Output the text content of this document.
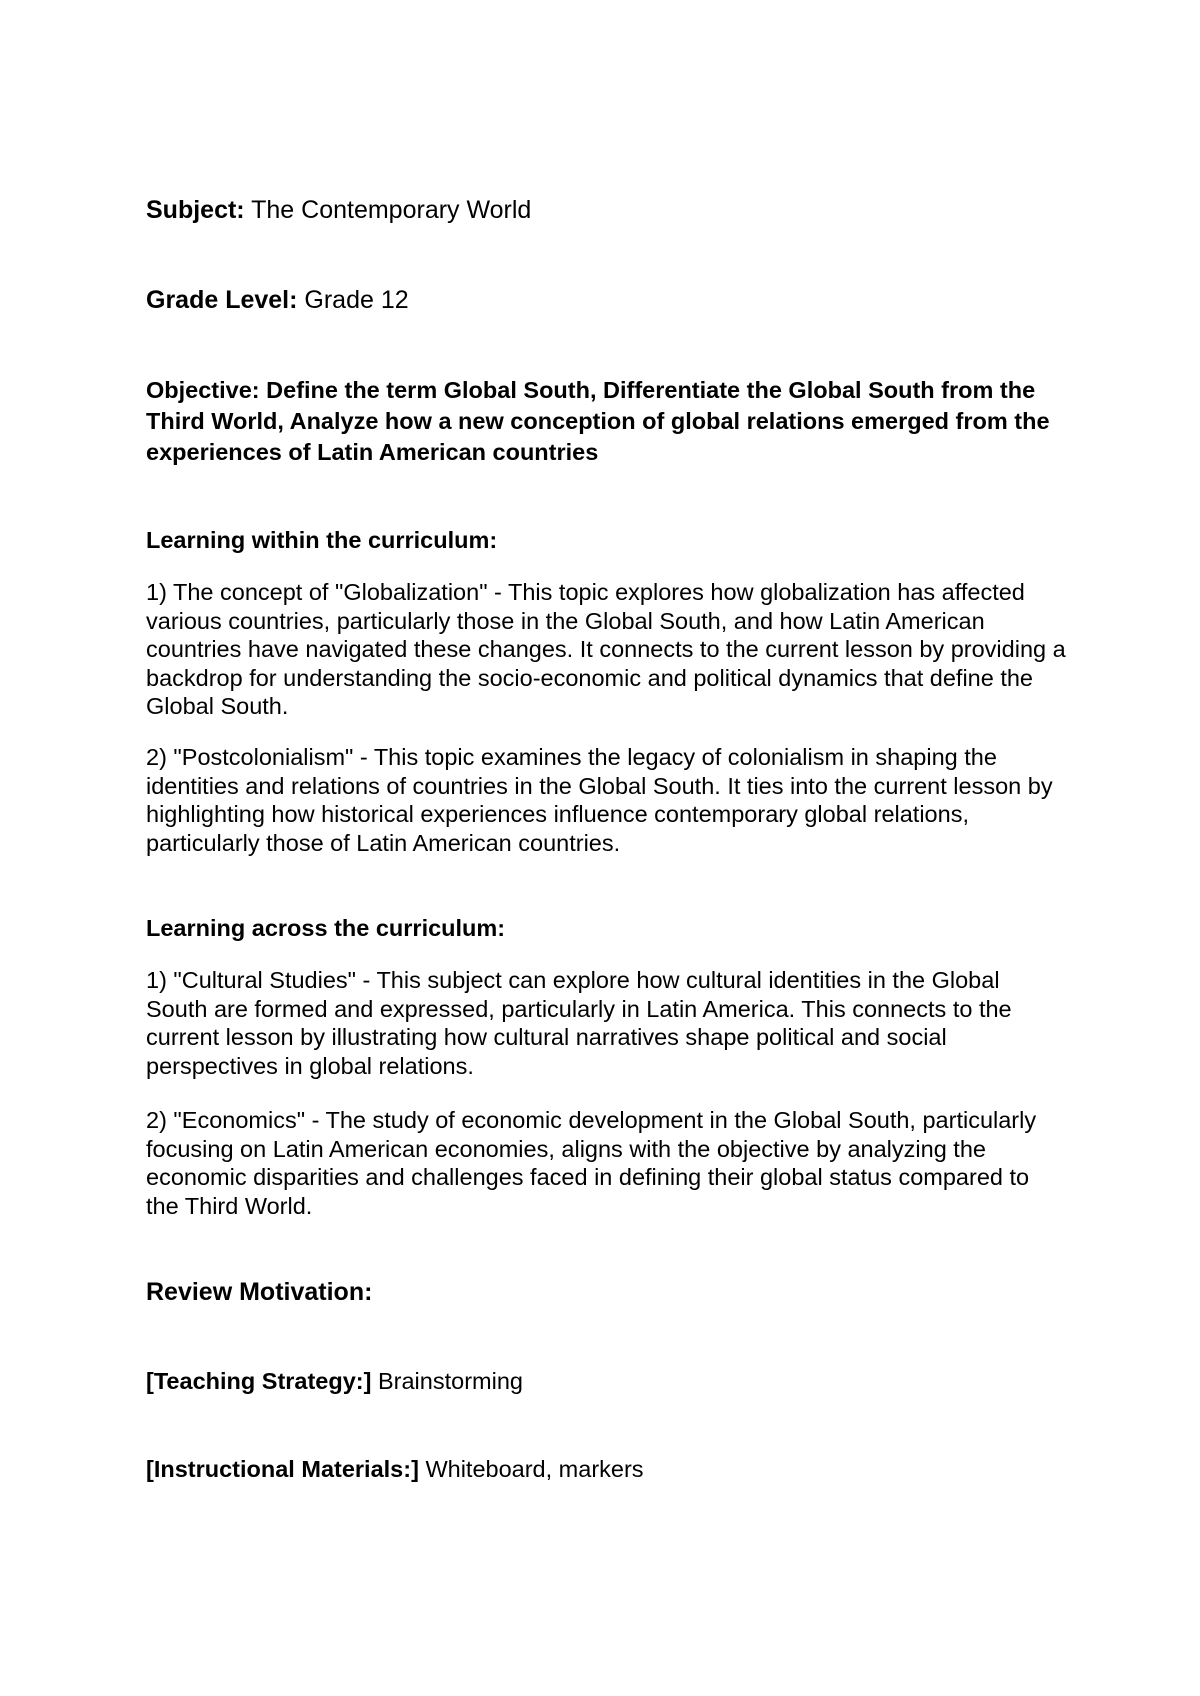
Subject: The Contemporary World

Grade Level: Grade 12

Objective: Define the term Global South, Differentiate the Global South from the Third World, Analyze how a new conception of global relations emerged from the experiences of Latin American countries

Learning within the curriculum:

1) The concept of "Globalization" - This topic explores how globalization has affected various countries, particularly those in the Global South, and how Latin American countries have navigated these changes. It connects to the current lesson by providing a backdrop for understanding the socio-economic and political dynamics that define the Global South.

2) "Postcolonialism" - This topic examines the legacy of colonialism in shaping the identities and relations of countries in the Global South. It ties into the current lesson by highlighting how historical experiences influence contemporary global relations, particularly those of Latin American countries.

Learning across the curriculum:

1) "Cultural Studies" - This subject can explore how cultural identities in the Global South are formed and expressed, particularly in Latin America. This connects to the current lesson by illustrating how cultural narratives shape political and social perspectives in global relations.

2) "Economics" - The study of economic development in the Global South, particularly focusing on Latin American economies, aligns with the objective by analyzing the economic disparities and challenges faced in defining their global status compared to the Third World.

Review Motivation:

[Teaching Strategy:] Brainstorming

[Instructional Materials:] Whiteboard, markers
